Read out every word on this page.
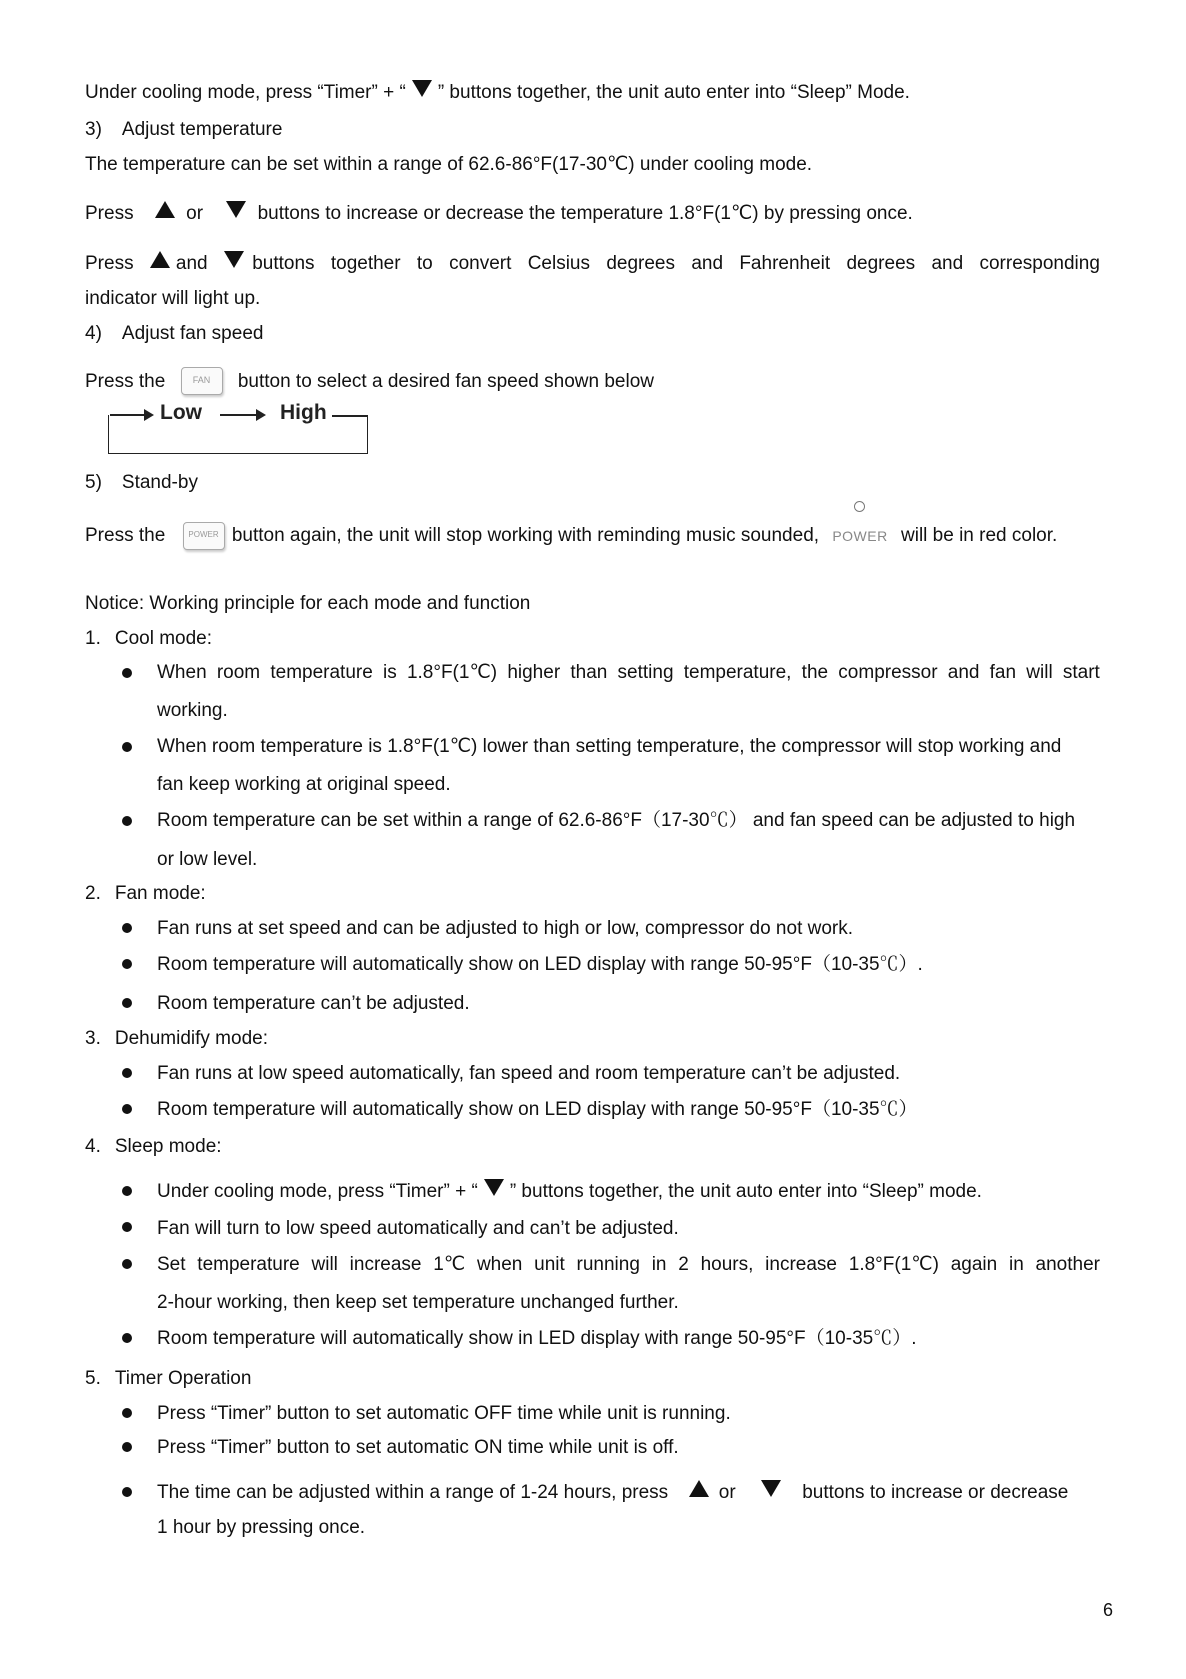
Under cooling mode, press “Timer” + “ ” buttons together, the unit auto enter into “Sleep” Mode.
3) Adjust temperature
The temperature can be set within a range of 62.6-86°F(17-30℃) under cooling mode.
Press	or	buttons to increase or decrease the temperature 1.8°F(1℃) by pressing once.
Press	and buttons together to convert Celsius degrees and Fahrenheit degrees and corresponding
indicator will light up.
4) Adjust fan speed
Press the	FAN button to select a desired fan speed shown below
Low	High
5) Stand-by
Press the	POWER button again, the unit will stop working with reminding music sounded, POWER will be in red color.
Notice: Working principle for each mode and function
1. Cool mode:
When room temperature is 1.8°F(1℃) higher than setting temperature, the compressor and fan will start
working.
When room temperature is 1.8°F(1℃) lower than setting temperature, the compressor will stop working and
fan keep working at original speed.
Room temperature can be set within a range of 62.6-86°F（17-30℃） and fan speed can be adjusted to high
or low level.
2. Fan mode:
Fan runs at set speed and can be adjusted to high or low, compressor do not work.
Room temperature will automatically show on LED display with range 50-95°F（10-35℃）.
Room temperature can’t be adjusted.
3. Dehumidify mode:
Fan runs at low speed automatically, fan speed and room temperature can’t be adjusted.
Room temperature will automatically show on LED display with range 50-95°F（10-35℃）
4. Sleep mode:
Under cooling mode, press “Timer” + “ ” buttons together, the unit auto enter into “Sleep” mode.
Fan will turn to low speed automatically and can’t be adjusted.
Set temperature will increase 1℃ when unit running in 2 hours, increase 1.8°F(1℃) again in another
2-hour working, then keep set temperature unchanged further.
Room temperature will automatically show in LED display with range 50-95°F（10-35℃）.
5. Timer Operation
Press “Timer” button to set automatic OFF time while unit is running.
Press “Timer” button to set automatic ON time while unit is off.
The time can be adjusted within a range of 1-24 hours, press	or	buttons to increase or decrease
1 hour by pressing once.
6
